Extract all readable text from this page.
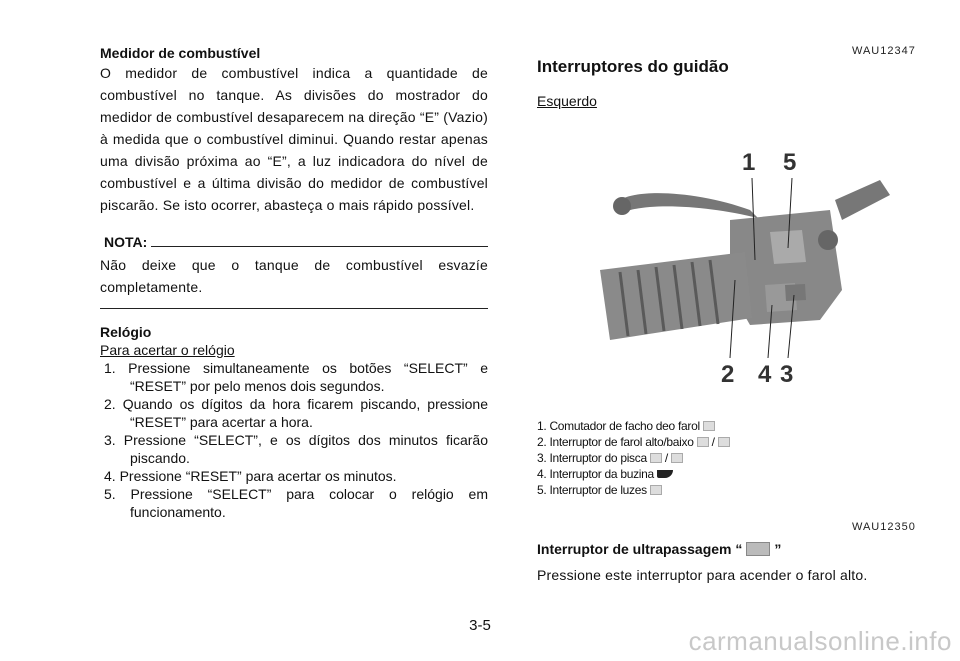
Medidor de combustível
O medidor de combustível indica a quantidade de combustível no tanque. As divisões do mostrador do medidor de combustível desaparecem na direção “E” (Vazio) à medida que o combustível diminui. Quando restar apenas uma divisão próxima ao “E”, a luz indicadora do nível de combustível e a última divisão do medidor de combustível piscarão. Se isto ocorrer, abasteça o mais rápido possível.
NOTA:
Não deixe que o tanque de combustível esvazíe completamente.
Relógio
Para acertar o relógio
1. Pressione simultaneamente os botões “SELECT” e “RESET” por pelo menos dois segundos.
2. Quando os dígitos da hora ficarem piscando, pressione “RESET” para acertar a hora.
3. Pressione “SELECT”, e os dígitos dos minutos ficarão piscando.
4. Pressione “RESET” para acertar os minutos.
5. Pressione “SELECT” para colocar o relógio em funcionamento.
WAU12347
Interruptores do guidão
Esquerdo
1 5
2 4 3
1. Comutador de facho deo farol
2. Interruptor de farol alto/baixo /
3. Interruptor do pisca /
4. Interruptor da buzina
5. Interruptor de luzes
WAU12350
Interruptor de ultrapassagem “ ”
Pressione este interruptor para acender o farol alto.
3-5
carmanualsonline.info
